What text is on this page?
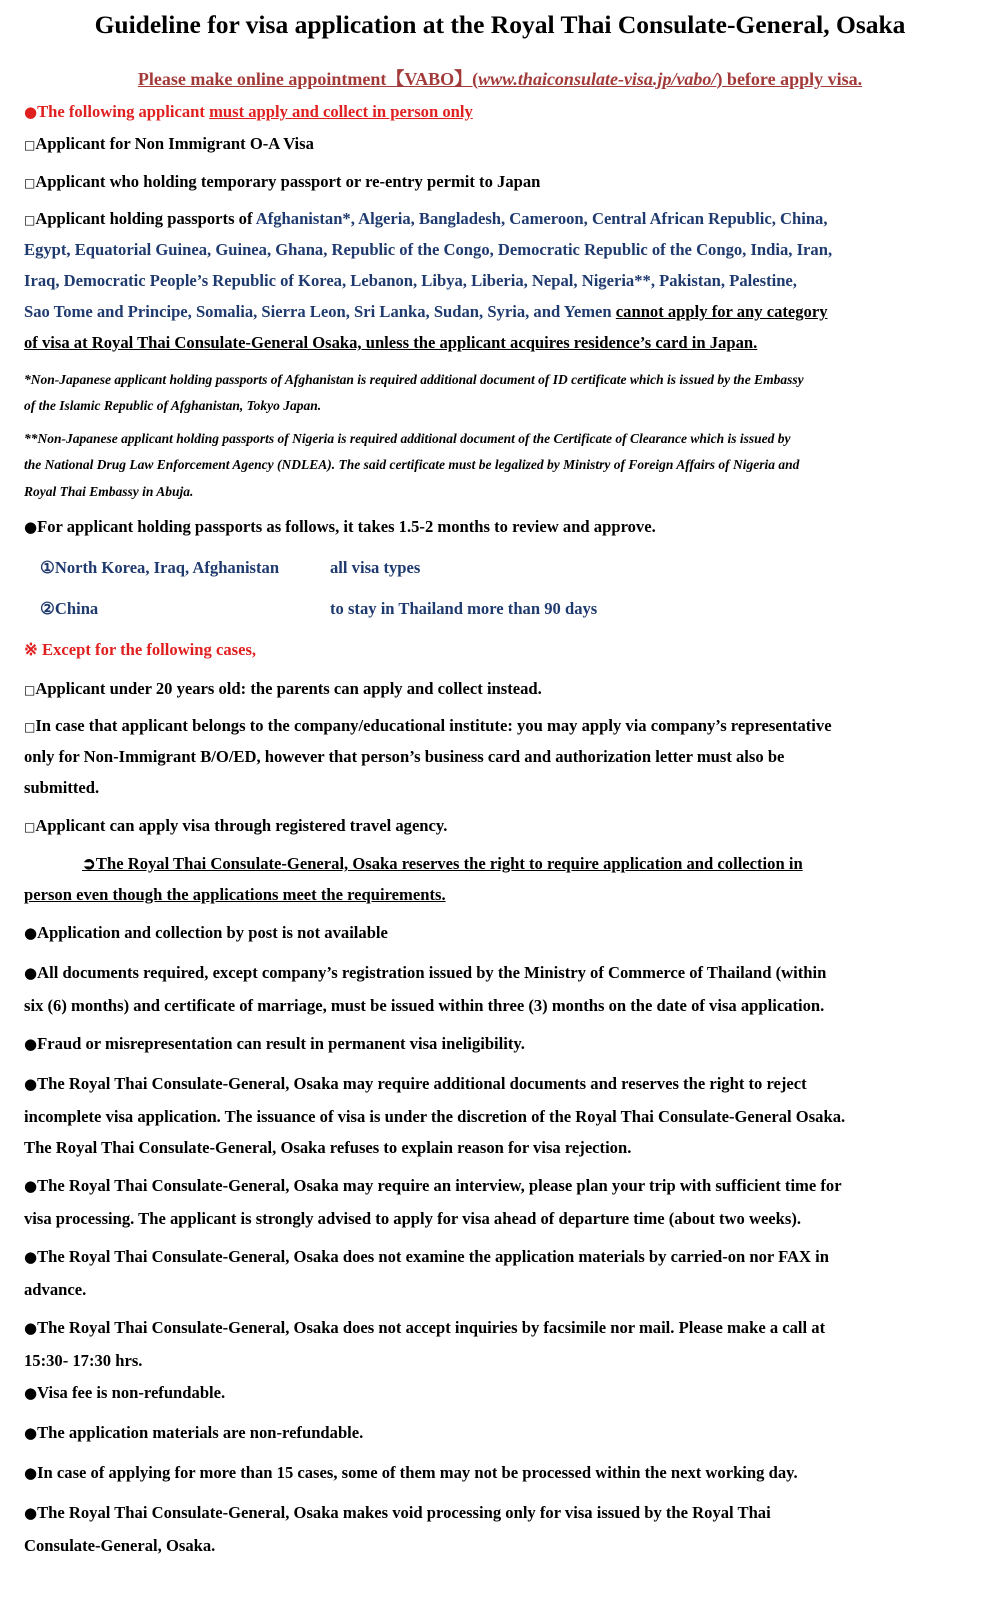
Guideline for visa application at the Royal Thai Consulate-General, Osaka
Please make online appointment【VABO】(www.thaiconsulate-visa.jp/vabo/) before apply visa.
●The following applicant must apply and collect in person only
□Applicant for Non Immigrant O-A Visa
□Applicant who holding temporary passport or re-entry permit to Japan
□Applicant holding passports of Afghanistan*, Algeria, Bangladesh, Cameroon, Central African Republic, China,
Egypt, Equatorial Guinea, Guinea, Ghana, Republic of the Congo, Democratic Republic of the Congo, India, Iran,
Iraq, Democratic People’s Republic of Korea, Lebanon, Libya, Liberia, Nepal, Nigeria**, Pakistan, Palestine,
Sao Tome and Principe, Somalia, Sierra Leon, Sri Lanka, Sudan, Syria, and Yemen cannot apply for any category
of visa at Royal Thai Consulate-General Osaka, unless the applicant acquires residence’s card in Japan.
*Non-Japanese applicant holding passports of Afghanistan is required additional document of ID certificate which is issued by the Embassy
of the Islamic Republic of Afghanistan, Tokyo Japan.
**Non-Japanese applicant holding passports of Nigeria is required additional document of the Certificate of Clearance which is issued by
the National Drug Law Enforcement Agency (NDLEA). The said certificate must be legalized by Ministry of Foreign Affairs of Nigeria and
Royal Thai Embassy in Abuja.
●For applicant holding passports as follows, it takes 1.5-2 months to review and approve.
①North Korea, Iraq, Afghanistan	all visa types
②China	to stay in Thailand more than 90 days
※ Except for the following cases,
□Applicant under 20 years old: the parents can apply and collect instead.
□In case that applicant belongs to the company/educational institute: you may apply via company’s representative
only for Non-Immigrant B/O/ED, however that person’s business card and authorization letter must also be
submitted.
□Applicant can apply visa through registered travel agency.
➲The Royal Thai Consulate-General, Osaka reserves the right to require application and collection in
person even though the applications meet the requirements.
●Application and collection by post is not available
●All documents required, except company’s registration issued by the Ministry of Commerce of Thailand (within
six (6) months) and certificate of marriage, must be issued within three (3) months on the date of visa application.
●Fraud or misrepresentation can result in permanent visa ineligibility.
●The Royal Thai Consulate-General, Osaka may require additional documents and reserves the right to reject
incomplete visa application. The issuance of visa is under the discretion of the Royal Thai Consulate-General Osaka.
The Royal Thai Consulate-General, Osaka refuses to explain reason for visa rejection.
●The Royal Thai Consulate-General, Osaka may require an interview, please plan your trip with sufficient time for
visa processing. The applicant is strongly advised to apply for visa ahead of departure time (about two weeks).
●The Royal Thai Consulate-General, Osaka does not examine the application materials by carried-on nor FAX in
advance.
●The Royal Thai Consulate-General, Osaka does not accept inquiries by facsimile nor mail. Please make a call at
15:30- 17:30 hrs.
●Visa fee is non-refundable.
●The application materials are non-refundable.
●In case of applying for more than 15 cases, some of them may not be processed within the next working day.
●The Royal Thai Consulate-General, Osaka makes void processing only for visa issued by the Royal Thai
Consulate-General, Osaka.
